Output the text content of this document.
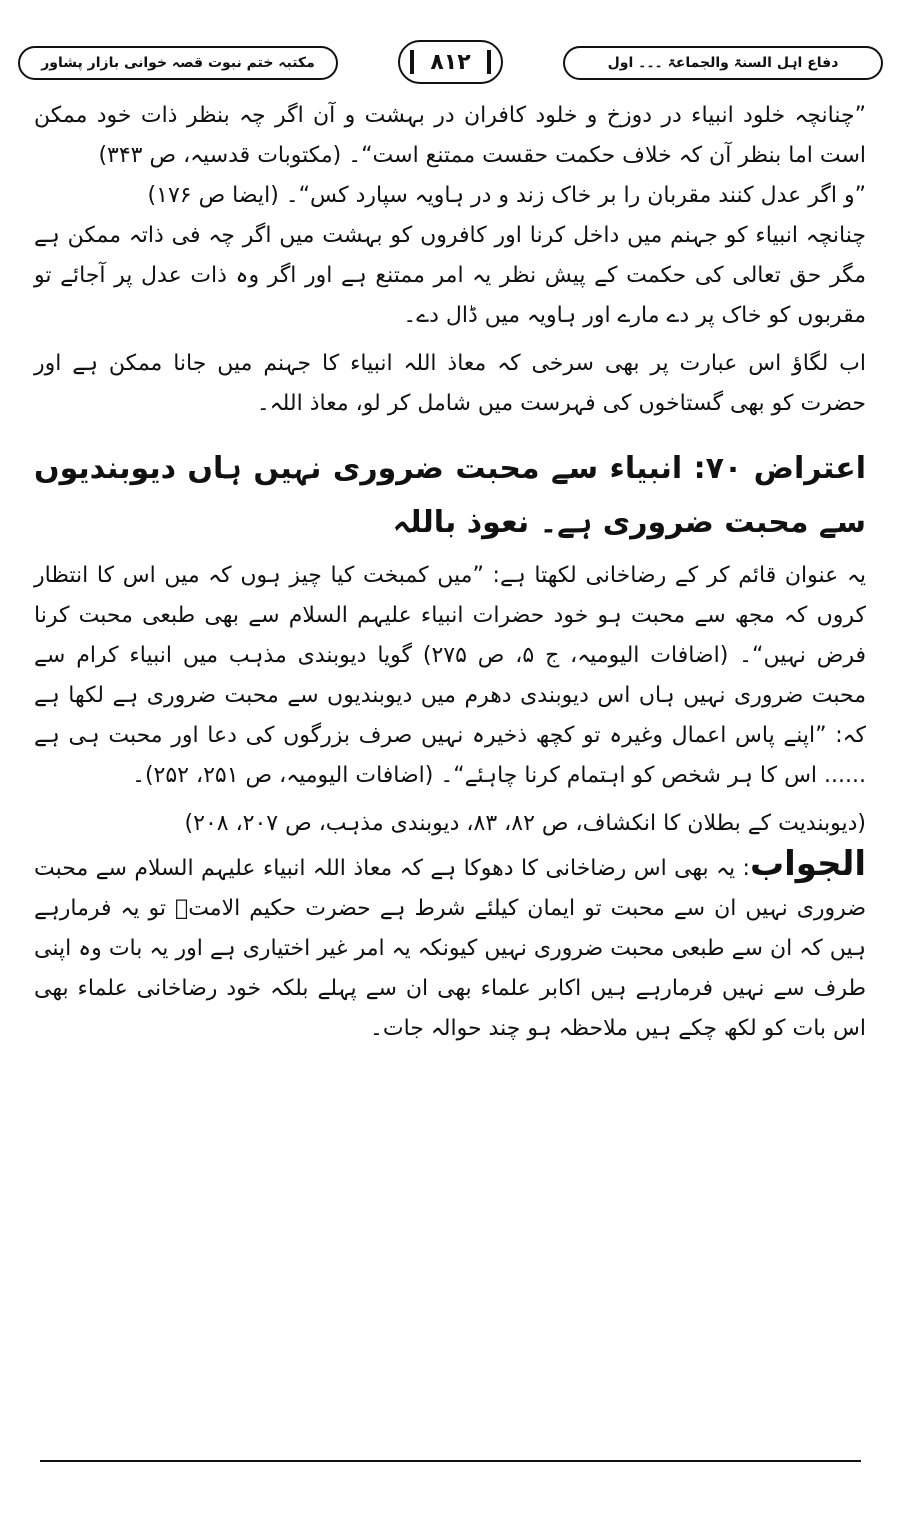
دفاع اہل السنۃ والجماعۃ ۔۔۔ اول
۸۱۲
مکتبہ ختم نبوت قصہ خوانی بازار پشاور

”چنانچہ خلود انبیاء در دوزخ و خلود کافران در بہشت و آن اگر چہ بنظر ذات خود ممکن است اما بنظر آن کہ خلاف حکمت حقست ممتنع است“۔ (مکتوبات قدسیہ، ص ۳۴۳)

”و اگر عدل کنند مقربان را بر خاک زند و در ہاویہ سپارد کس“۔ (ایضا ص ۱۷۶)

چنانچہ انبیاء کو جہنم میں داخل کرنا اور کافروں کو بہشت میں اگر چہ فی ذاتہ ممکن ہے مگر حق تعالی کی حکمت کے پیش نظر یہ امر ممتنع ہے اور اگر وہ ذات عدل پر آجائے تو مقربوں کو خاک پر دے مارے اور ہاویہ میں ڈال دے۔

اب لگاؤ اس عبارت پر بھی سرخی کہ معاذ اللہ انبیاء کا جہنم میں جانا ممکن ہے اور حضرت کو بھی گستاخوں کی فہرست میں شامل کر لو، معاذ اللہ۔

اعتراض ۷۰: انبیاء سے محبت ضروری نہیں ہاں دیوبندیوں سے محبت ضروری ہے۔ نعوذ باللہ

یہ عنوان قائم کر کے رضاخانی لکھتا ہے: ”میں کمبخت کیا چیز ہوں کہ میں اس کا انتظار کروں کہ مجھ سے محبت ہو خود حضرات انبیاء علیہم السلام سے بھی طبعی محبت کرنا فرض نہیں“۔ (اضافات الیومیہ، ج ۵، ص ۲۷۵) گویا دیوبندی مذہب میں انبیاء کرام سے محبت ضروری نہیں ہاں اس دیوبندی دھرم میں دیوبندیوں سے محبت ضروری ہے لکھا ہے کہ: ”اپنے پاس اعمال وغیرہ تو کچھ ذخیرہ نہیں صرف بزرگوں کی دعا اور محبت ہی ہے ...... اس کا ہر شخص کو اہتمام کرنا چاہئے“۔ (اضافات الیومیہ، ص ۲۵۱، ۲۵۲)۔

(دیوبندیت کے بطلان کا انکشاف، ص ۸۲، ۸۳، دیوبندی مذہب، ص ۲۰۷، ۲۰۸)

الجواب: یہ بھی اس رضاخانی کا دھوکا ہے کہ معاذ اللہ انبیاء علیہم السلام سے محبت ضروری نہیں ان سے محبت تو ایمان کیلئے شرط ہے حضرت حکیم الامتؒ تو یہ فرمارہے ہیں کہ ان سے طبعی محبت ضروری نہیں کیونکہ یہ امر غیر اختیاری ہے اور یہ بات وہ اپنی طرف سے نہیں فرمارہے ہیں اکابر علماء بھی ان سے پہلے بلکہ خود رضاخانی علماء بھی اس بات کو لکھ چکے ہیں ملاحظہ ہو چند حوالہ جات۔
